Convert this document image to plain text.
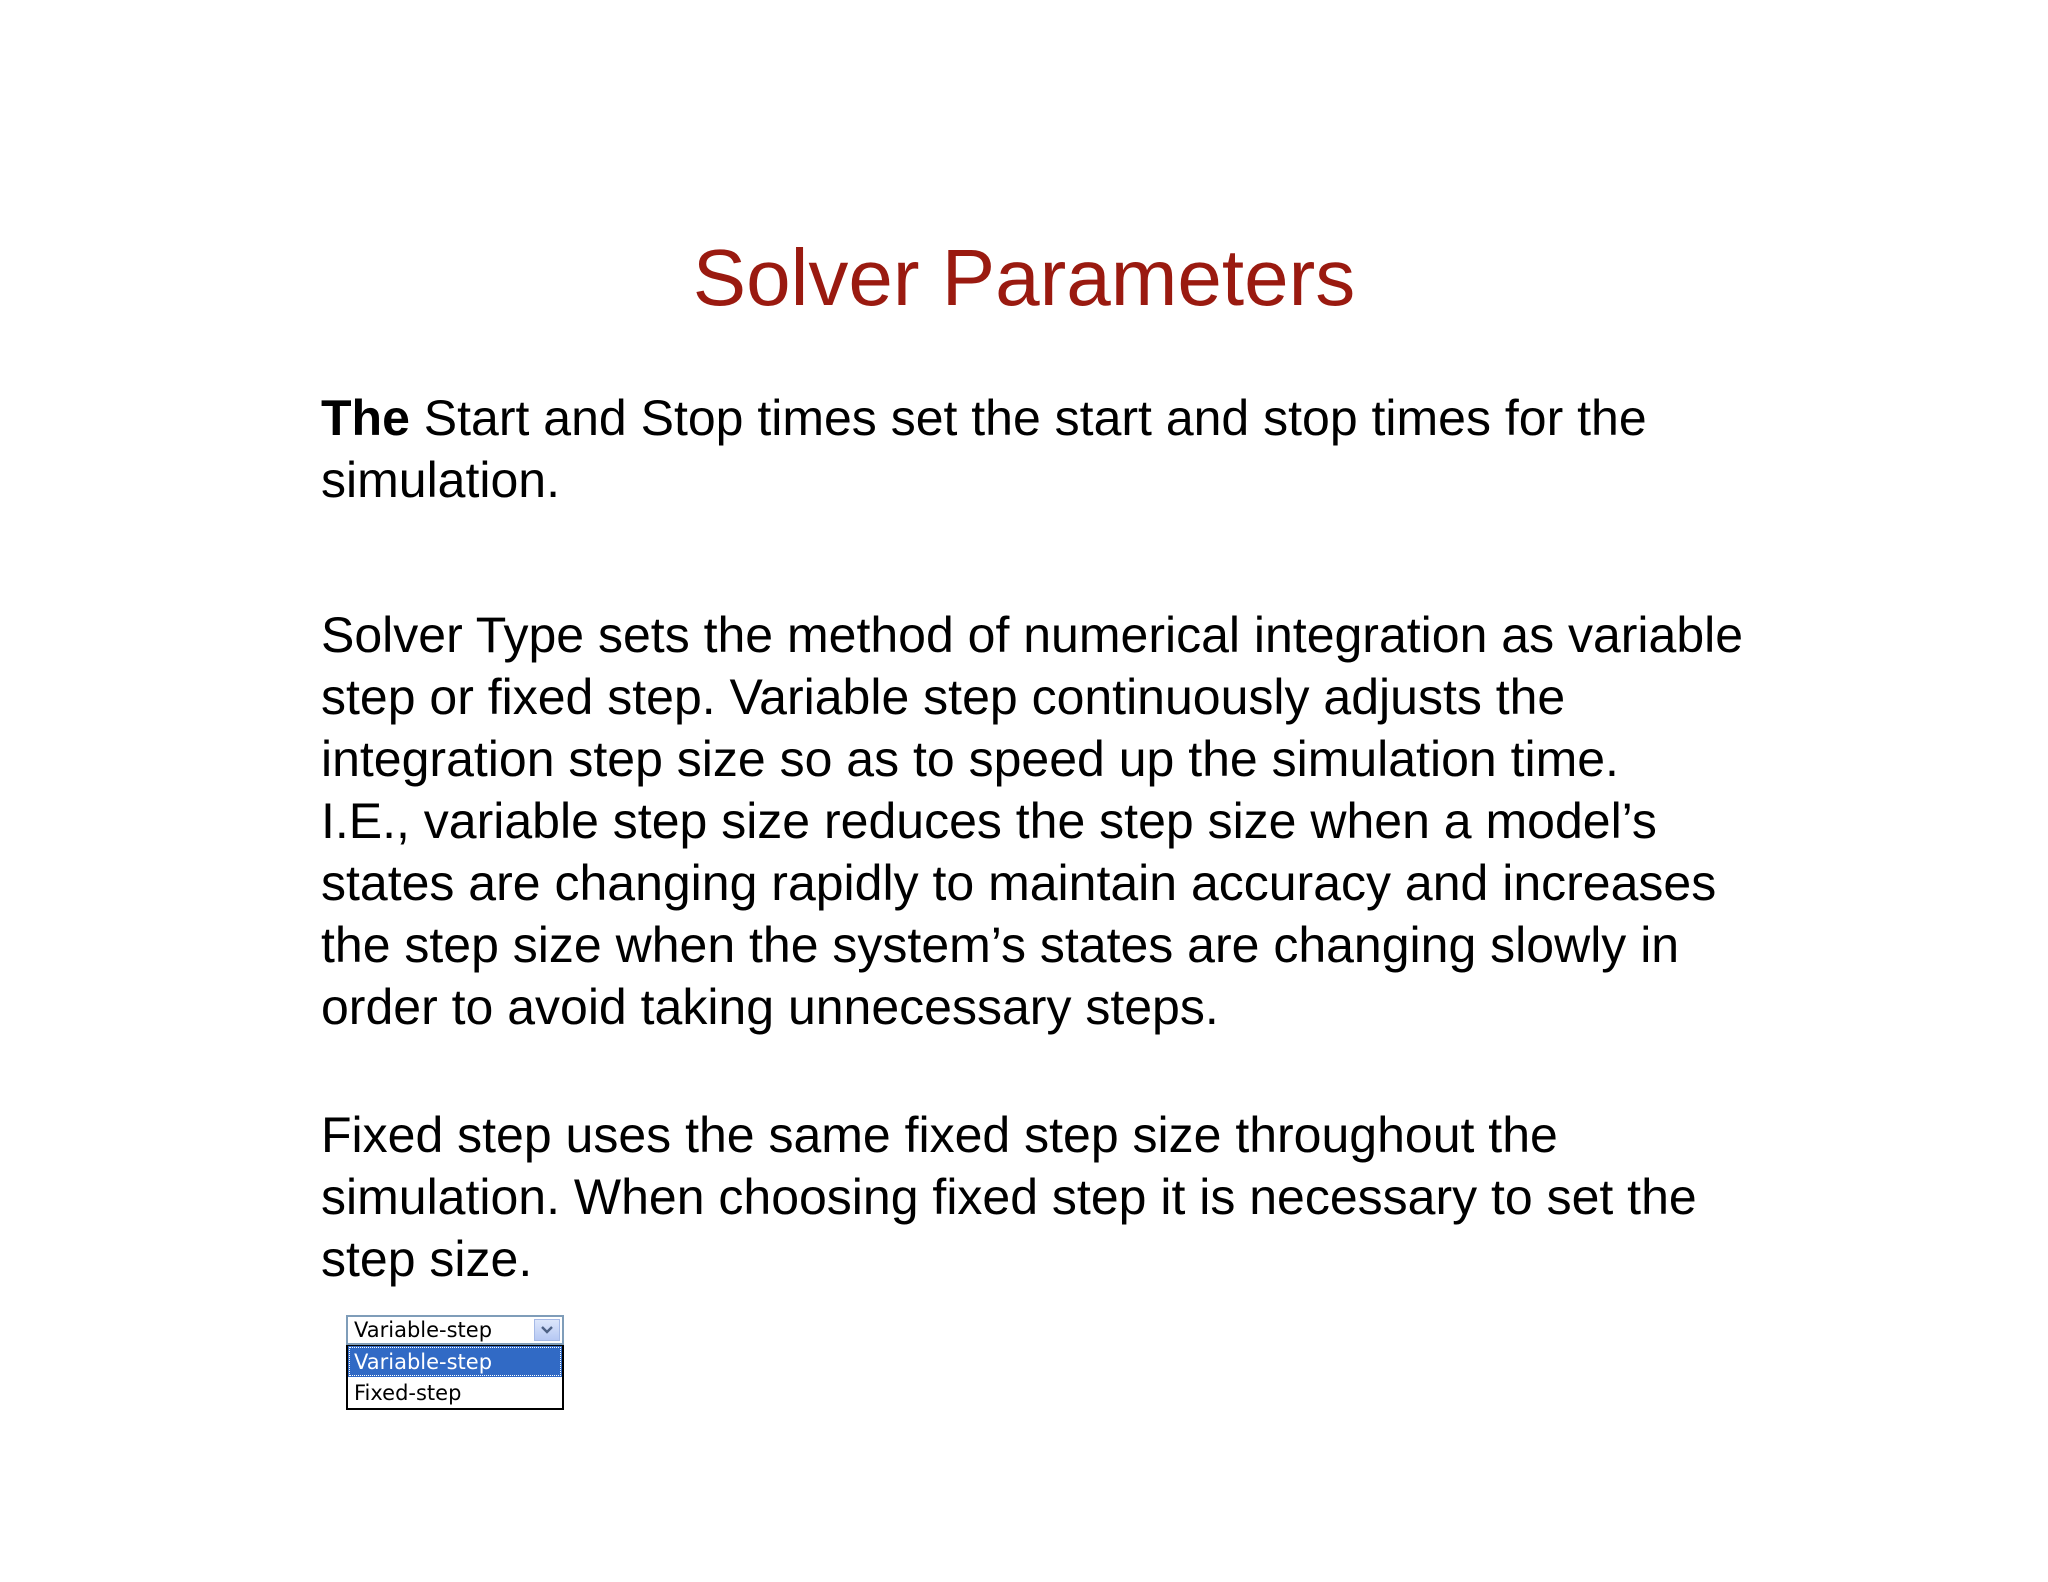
Solver Parameters

The Start and Stop times set the start and stop times for the
simulation.

Solver Type sets the method of numerical integration as variable
step or fixed step. Variable step continuously adjusts the
integration step size so as to speed up the simulation time.
I.E., variable step size reduces the step size when a model’s
states are changing rapidly to maintain accuracy and increases
the step size when the system’s states are changing slowly in
order to avoid taking unnecessary steps.

Fixed step uses the same fixed step size throughout the
simulation. When choosing fixed step it is necessary to set the
step size.

Variable-step
Variable-step
Fixed-step
